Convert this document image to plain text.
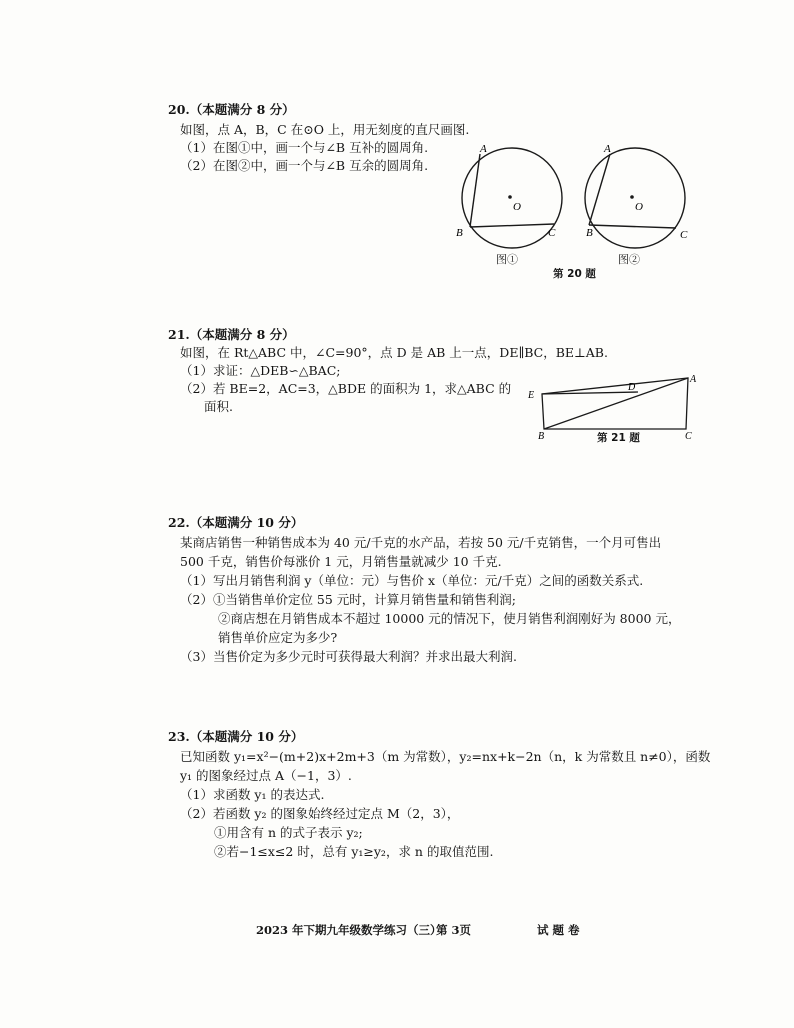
20.（本题满分 8 分）
如图，点 A，B，C 在⊙O 上，用无刻度的直尺画图.
（1）在图①中，画一个与∠B 互补的圆周角.
（2）在图②中，画一个与∠B 互余的圆周角.
A
B	C
O
图①
A
B	C
O
图②
第 20 题
21.（本题满分 8 分）
如图，在 Rt△ABC 中，∠C=90°，点 D 是 AB 上一点，DE∥BC，BE⊥AB.
（1）求证：△DEB∽△BAC;
（2）若 BE=2，AC=3，△BDE 的面积为 1，求△ABC 的
面积.
A
B	C
D
E
第 21 题
22.（本题满分 10 分）
某商店销售一种销售成本为 40 元/千克的水产品，若按 50 元/千克销售，一个月可售出
500 千克，销售价每涨价 1 元，月销售量就减少 10 千克.
（1）写出月销售利润 y（单位：元）与售价 x（单位：元/千克）之间的函数关系式.
（2）①当销售单价定位 55 元时，计算月销售量和销售利润;
②商店想在月销售成本不超过 10000 元的情况下，使月销售利润刚好为 8000 元，
销售单价应定为多少?
（3）当售价定为多少元时可获得最大利润？并求出最大利润.
23.（本题满分 10 分）
已知函数 y₁=x²−(m+2)x+2m+3（m 为常数），y₂=nx+k−2n（n，k 为常数且 n≠0），函数
y₁ 的图象经过点 A（−1，3）.
（1）求函数 y₁ 的表达式.
（2）若函数 y₂ 的图象始终经过定点 M（2，3），
①用含有 n 的式子表示 y₂;
②若−1≤x≤2 时，总有 y₁≥y₂，求 n 的取值范围.
2023 年下期九年级数学练习（三）
第 3页	试 题 卷
